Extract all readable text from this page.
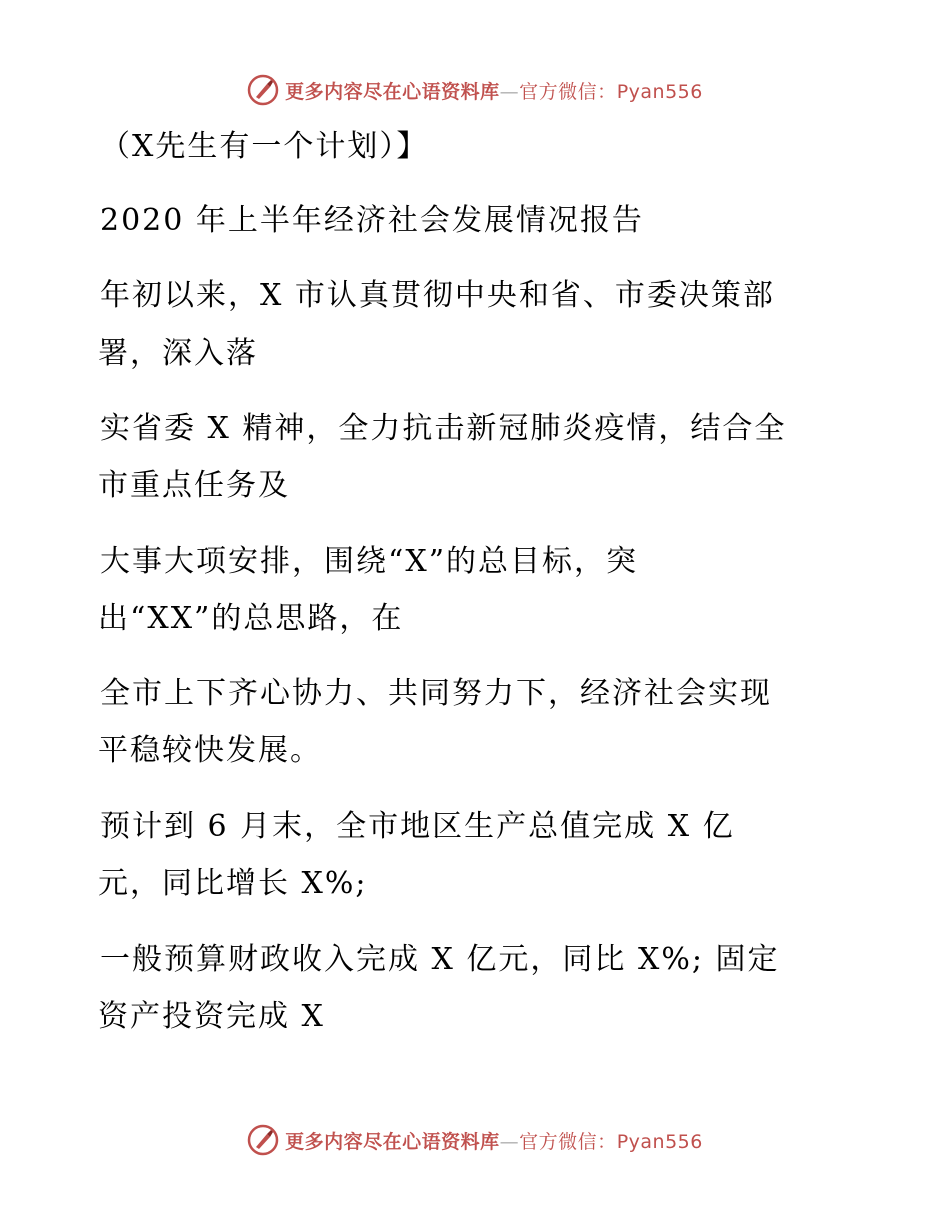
更多内容尽在心语资料库—官方微信：Pyan556
（X先生有一个计划）】
2020 年上半年经济社会发展情况报告
年初以来，X 市认真贯彻中央和省、市委决策部
署，深入落
实省委 X 精神，全力抗击新冠肺炎疫情，结合全
市重点任务及
大事大项安排，围绕“X”的总目标，突
出“XX”的总思路，在
全市上下齐心协力、共同努力下，经济社会实现
平稳较快发展。
预计到 6 月末，全市地区生产总值完成 X 亿
元，同比增长 X%;
一般预算财政收入完成 X 亿元，同比 X%; 固定
资产投资完成 X
更多内容尽在心语资料库—官方微信：Pyan556
